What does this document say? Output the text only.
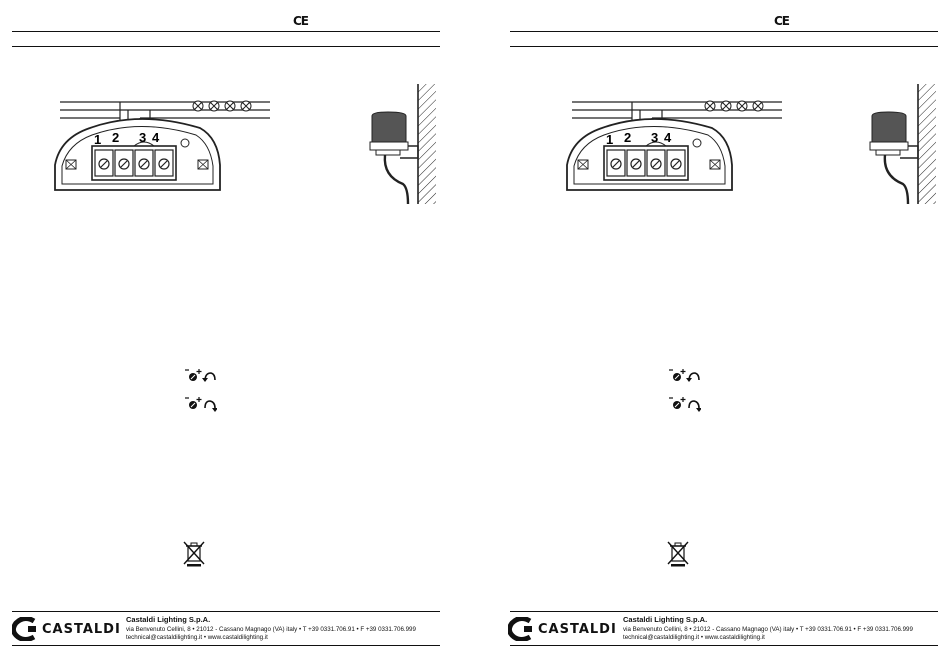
CE
1 2 3 4
CASTALDI
Castaldi Lighting S.p.A.
via Benvenuto Cellini, 8 • 21012 - Cassano Magnago (VA) italy • T +39 0331.706.91 • F +39 0331.706.999
technical@castaldilighting.it • www.castaldilighting.it
CE
1 2 3 4
CASTALDI
Castaldi Lighting S.p.A.
via Benvenuto Cellini, 8 • 21012 - Cassano Magnago (VA) italy • T +39 0331.706.91 • F +39 0331.706.999
technical@castaldilighting.it • www.castaldilighting.it
